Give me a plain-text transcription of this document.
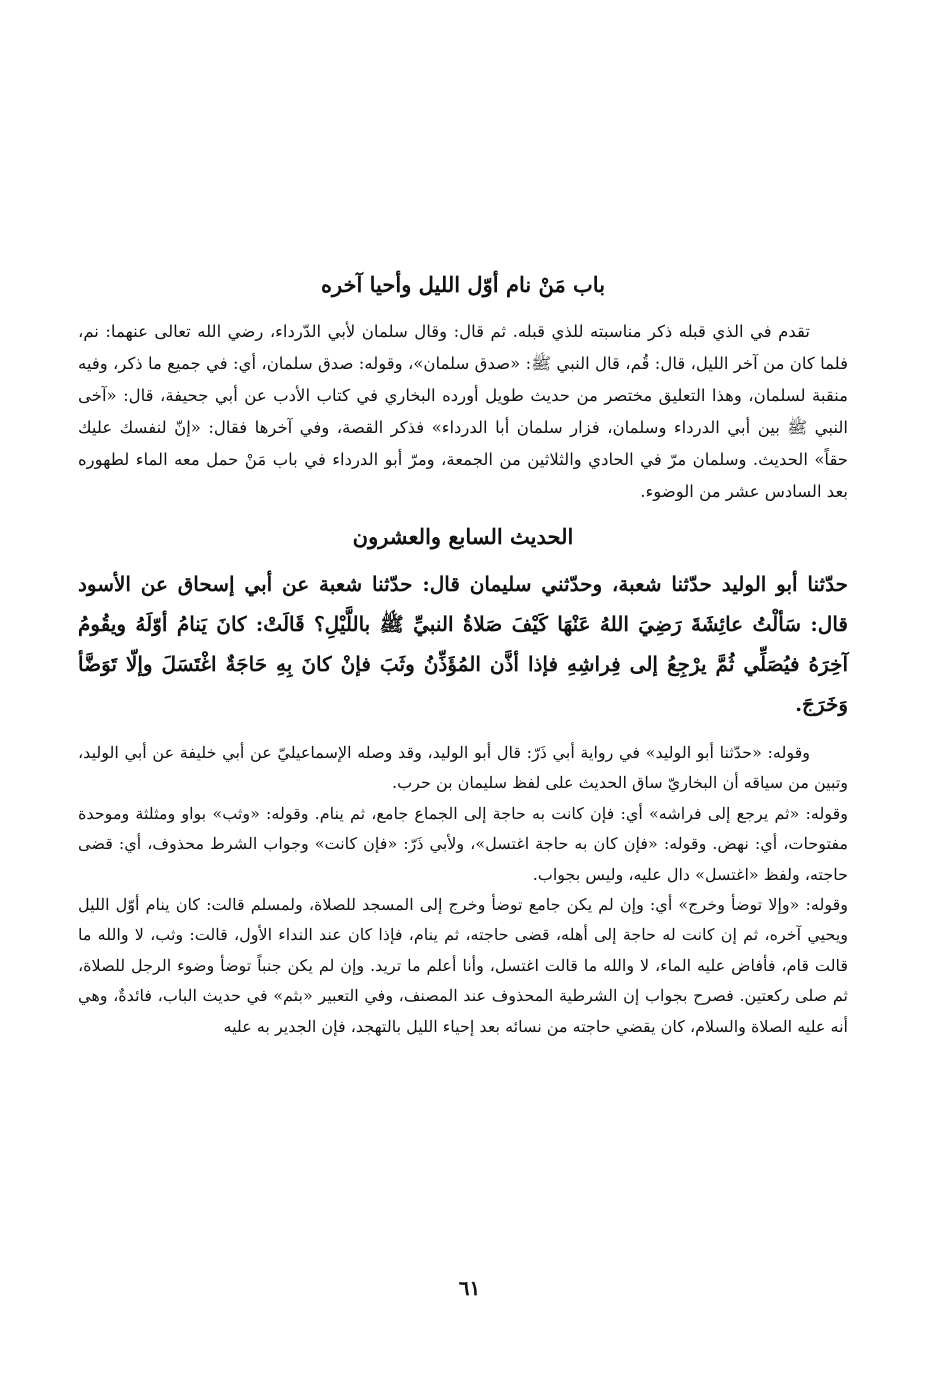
باب مَنْ نام أوّل الليل وأحيا آخره

تقدم في الذي قبله ذكر مناسبته للذي قبله. ثم قال: وقال سلمان لأبي الدّرداء، رضي الله تعالى عنهما: نم، فلما كان من آخر الليل، قال: قُم، قال النبي ﷺ: «صدق سلمان»، وقوله: صدق سلمان، أي: في جميع ما ذكر، وفيه منقبة لسلمان، وهذا التعليق مختصر من حديث طويل أورده البخاري في كتاب الأدب عن أبي جحيفة، قال: «آخى النبي ﷺ بين أبي الدرداء وسلمان، فزار سلمان أبا الدرداء» فذكر القصة، وفي آخرها فقال: «إنّ لنفسك عليك حقاً» الحديث. وسلمان مرّ في الحادي والثلاثين من الجمعة، ومرّ أبو الدرداء في باب مَنْ حمل معه الماء لطهوره بعد السادس عشر من الوضوء.

الحديث السابع والعشرون

حدّثنا أبو الوليد حدّثنا شعبة، وحدّثني سليمان قال: حدّثنا شعبة عن أبي إسحاق عن الأسود قال: سَألْتُ عائِشَةَ رَضِيَ اللهُ عَنْهَا كَيْفَ صَلاةُ النبيِّ ﷺ باللَّيْلِ؟ قَالَتْ: كانَ يَنامُ أوّلَهُ ويقُومُ آخِرَهُ فيُصَلِّي ثُمَّ يرْجِعُ إلى فِراشِهِ فإذا أذَّن المُؤَذِّنُ وثَبَ فإنْ كانَ بِهِ حَاجَةٌ اغْتَسَلَ وإلّا تَوَضَّأ وَخَرَجَ.

وقوله: «حدّثنا أبو الوليد» في رواية أبي ذَرّ: قال أبو الوليد، وقد وصله الإسماعيليّ عن أبي خليفة عن أبي الوليد، وتبين من سياقه أن البخاريّ ساق الحديث على لفظ سليمان بن حرب.

وقوله: «ثم يرجع إلى فراشه» أي: فإن كانت به حاجة إلى الجماع جامع، ثم ينام. وقوله: «وثب» بواو ومثلثة وموحدة مفتوحات، أي: نهض. وقوله: «فإن كان به حاجة اغتسل»، ولأبي ذَرّ: «فإن كانت» وجواب الشرط محذوف، أي: قضى حاجته، ولفظ «اغتسل» دال عليه، وليس بجواب.

وقوله: «وإلا توضأ وخرج» أي: وإن لم يكن جامع توضأ وخرج إلى المسجد للصلاة، ولمسلم قالت: كان ينام أوّل الليل ويحيي آخره، ثم إن كانت له حاجة إلى أهله، قضى حاجته، ثم ينام، فإذا كان عند النداء الأول، قالت: وثب، لا والله ما قالت قام، فأفاض عليه الماء، لا والله ما قالت اغتسل، وأنا أعلم ما تريد. وإن لم يكن جنباً توضأ وضوء الرجل للصلاة، ثم صلى ركعتين. فصرح بجواب إن الشرطية المحذوف عند المصنف، وفي التعبير «بثم» في حديث الباب، فائدةٌ، وهي أنه عليه الصلاة والسلام، كان يقضي حاجته من نسائه بعد إحياء الليل بالتهجد، فإن الجدير به عليه

٦١
